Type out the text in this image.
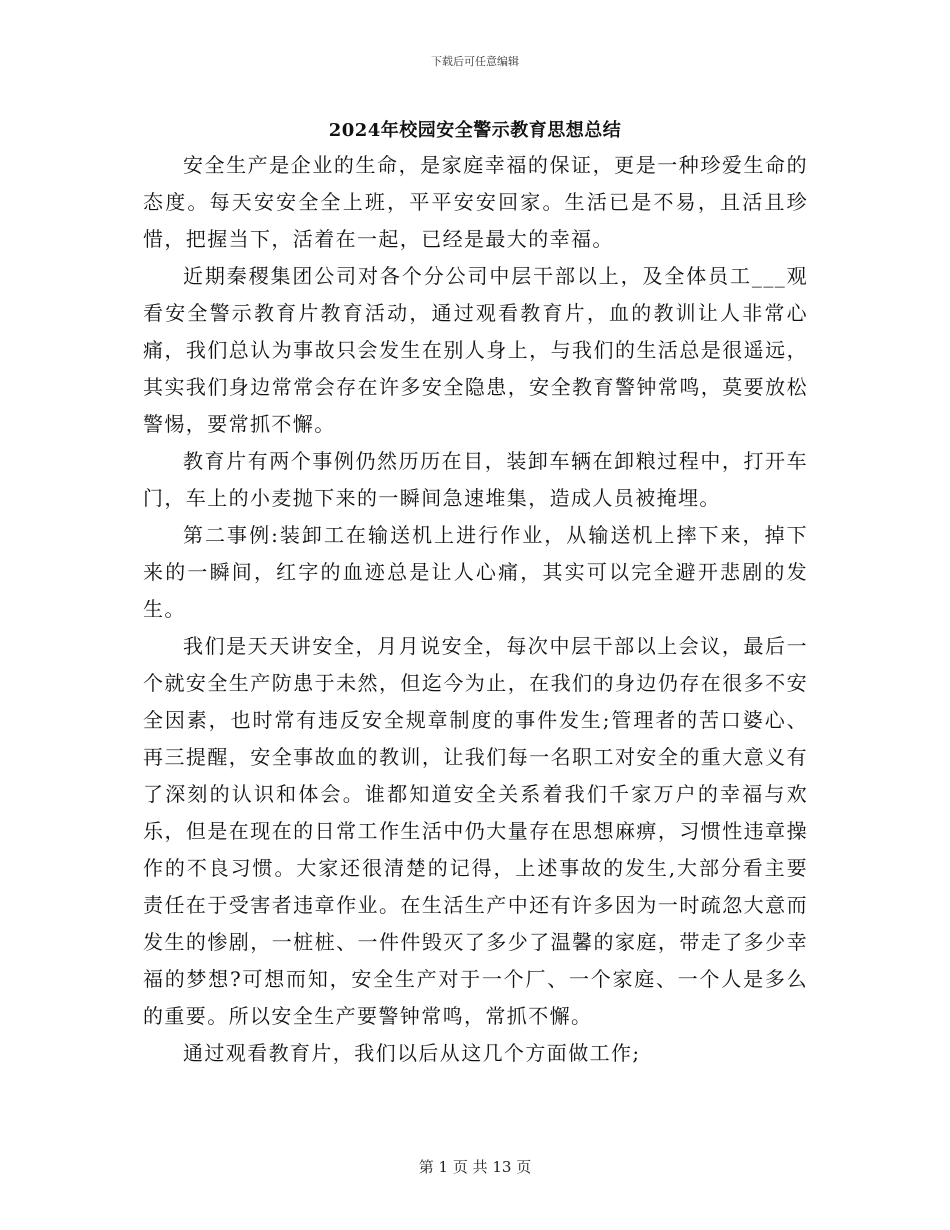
下载后可任意编辑
2024年校园安全警示教育思想总结

安全生产是企业的生命，是家庭幸福的保证，更是一种珍爱生命的态度。每天安安全全上班，平平安安回家。生活已是不易，且活且珍惜，把握当下，活着在一起，已经是最大的幸福。

近期秦稷集团公司对各个分公司中层干部以上，及全体员工___观看安全警示教育片教育活动，通过观看教育片，血的教训让人非常心痛，我们总认为事故只会发生在别人身上，与我们的生活总是很遥远，其实我们身边常常会存在许多安全隐患，安全教育警钟常鸣，莫要放松警惕，要常抓不懈。

教育片有两个事例仍然历历在目，装卸车辆在卸粮过程中，打开车门，车上的小麦抛下来的一瞬间急速堆集，造成人员被掩埋。

第二事例:装卸工在输送机上进行作业，从输送机上摔下来，掉下来的一瞬间，红字的血迹总是让人心痛，其实可以完全避开悲剧的发生。

我们是天天讲安全，月月说安全，每次中层干部以上会议，最后一个就安全生产防患于未然，但迄今为止，在我们的身边仍存在很多不安全因素，也时常有违反安全规章制度的事件发生;管理者的苦口婆心、再三提醒，安全事故血的教训，让我们每一名职工对安全的重大意义有了深刻的认识和体会。谁都知道安全关系着我们千家万户的幸福与欢乐，但是在现在的日常工作生活中仍大量存在思想麻痹，习惯性违章操作的不良习惯。大家还很清楚的记得，上述事故的发生,大部分看主要责任在于受害者违章作业。在生活生产中还有许多因为一时疏忽大意而发生的惨剧，一桩桩、一件件毁灭了多少了温馨的家庭，带走了多少幸福的梦想?可想而知，安全生产对于一个厂、一个家庭、一个人是多么的重要。所以安全生产要警钟常鸣，常抓不懈。

通过观看教育片，我们以后从这几个方面做工作;

第 1 页 共 13 页
